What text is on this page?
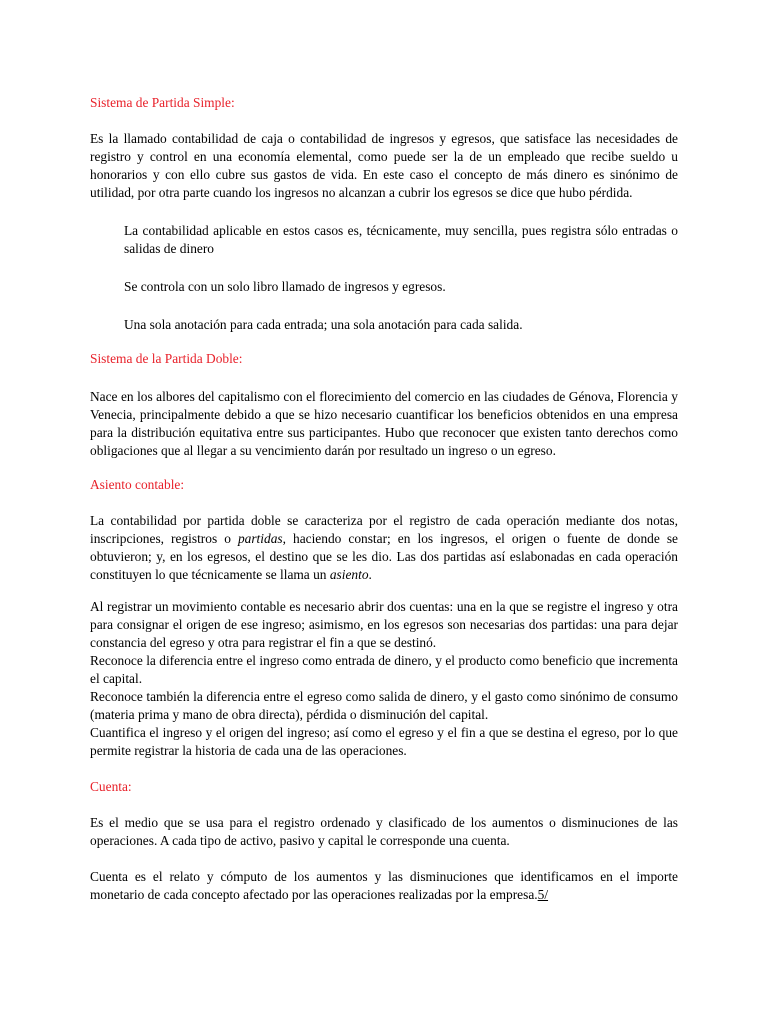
Sistema de Partida Simple:

Es la llamado contabilidad de caja o contabilidad de ingresos y egresos, que satisface las necesidades de registro y control en una economía elemental, como puede ser la de un empleado que recibe sueldo u honorarios y con ello cubre sus gastos de vida. En este caso el concepto de más dinero es sinónimo de utilidad, por otra parte cuando los ingresos no alcanzan a cubrir los egresos se dice que hubo pérdida.

La contabilidad aplicable en estos casos es, técnicamente, muy sencilla, pues registra sólo entradas o salidas de dinero

Se controla con un solo libro llamado de ingresos y egresos.

Una sola anotación para cada entrada; una sola anotación para cada salida.

Sistema de la Partida Doble:

Nace en los albores del capitalismo con el florecimiento del comercio en las ciudades de Génova, Florencia y Venecia, principalmente debido a que se hizo necesario cuantificar los beneficios obtenidos en una empresa para la distribución equitativa entre sus participantes. Hubo que reconocer que existen tanto derechos como obligaciones que al llegar a su vencimiento darán por resultado un ingreso o un egreso.

Asiento contable:

La contabilidad por partida doble se caracteriza por el registro de cada operación mediante dos notas, inscripciones, registros o partidas, haciendo constar; en los ingresos, el origen o fuente de donde se obtuvieron; y, en los egresos, el destino que se les dio. Las dos partidas así eslabonadas en cada operación constituyen lo que técnicamente se llama un asiento.

Al registrar un movimiento contable es necesario abrir dos cuentas: una en la que se registre el ingreso y otra para consignar el origen de ese ingreso; asimismo, en los egresos son necesarias dos partidas: una para dejar constancia del egreso y otra para registrar el fin a que se destinó.

Reconoce la diferencia entre el ingreso como entrada de dinero, y el producto como beneficio que incrementa el capital.

Reconoce también la diferencia entre el egreso como salida de dinero, y el gasto como sinónimo de consumo (materia prima y mano de obra directa), pérdida o disminución del capital.

Cuantifica el ingreso y el origen del ingreso; así como el egreso y el fin a que se destina el egreso, por lo que permite registrar la historia de cada una de las operaciones.

Cuenta:

Es el medio que se usa para el registro ordenado y clasificado de los aumentos o disminuciones de las operaciones. A cada tipo de activo, pasivo y capital le corresponde una cuenta.

Cuenta es el relato y cómputo de los aumentos y las disminuciones que identificamos en el importe monetario de cada concepto afectado por las operaciones realizadas por la empresa.5/
